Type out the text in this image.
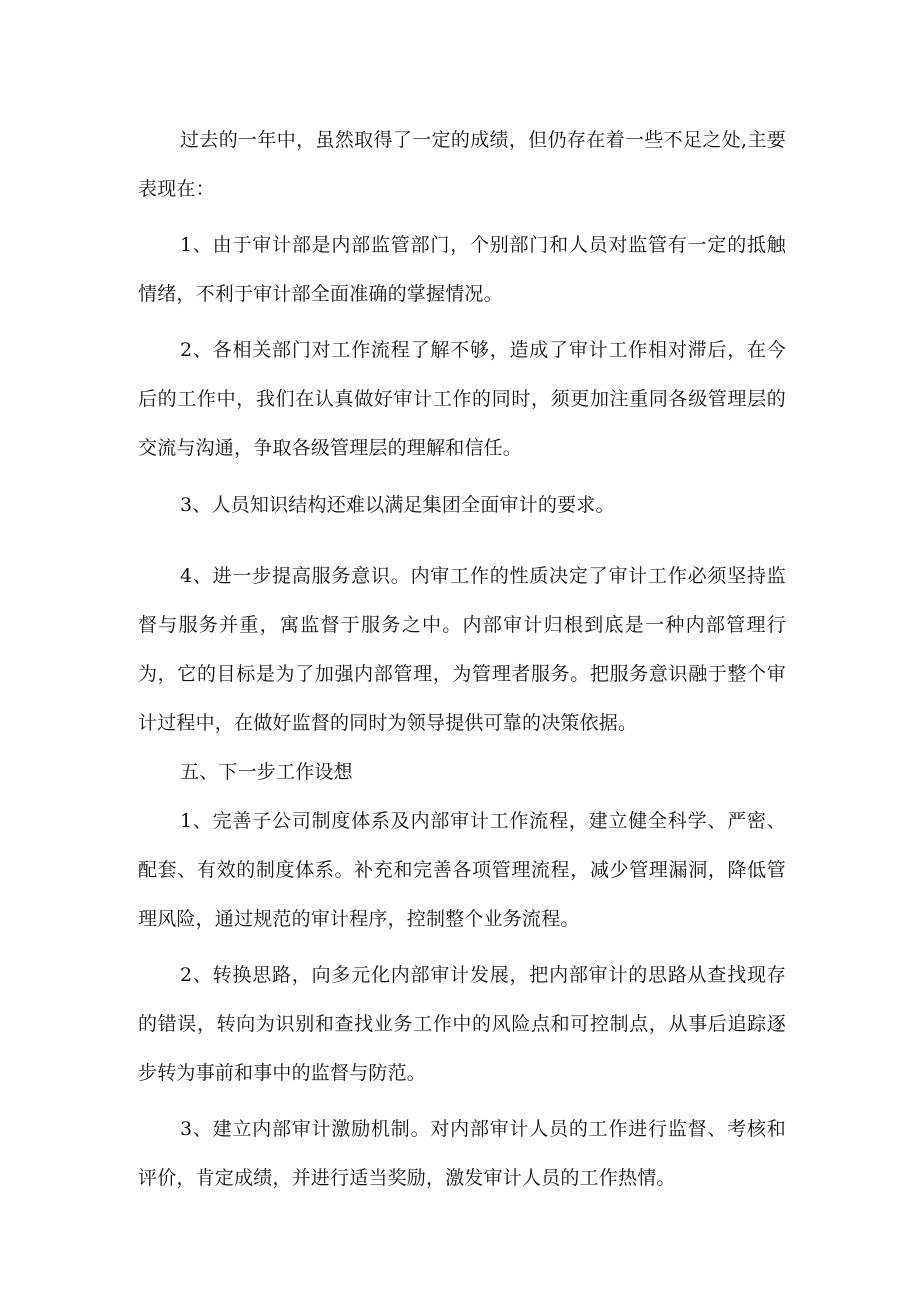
过去的一年中，虽然取得了一定的成绩，但仍存在着一些不足之处,主要表现在：

1、由于审计部是内部监管部门，个别部门和人员对监管有一定的抵触情绪，不利于审计部全面准确的掌握情况。

2、各相关部门对工作流程了解不够，造成了审计工作相对滞后，在今后的工作中，我们在认真做好审计工作的同时，须更加注重同各级管理层的交流与沟通，争取各级管理层的理解和信任。

3、人员知识结构还难以满足集团全面审计的要求。

4、进一步提高服务意识。内审工作的性质决定了审计工作必须坚持监督与服务并重，寓监督于服务之中。内部审计归根到底是一种内部管理行为，它的目标是为了加强内部管理，为管理者服务。把服务意识融于整个审计过程中，在做好监督的同时为领导提供可靠的决策依据。

五、下一步工作设想

1、完善子公司制度体系及内部审计工作流程，建立健全科学、严密、配套、有效的制度体系。补充和完善各项管理流程，减少管理漏洞，降低管理风险，通过规范的审计程序，控制整个业务流程。

2、转换思路，向多元化内部审计发展，把内部审计的思路从查找现存的错误，转向为识别和查找业务工作中的风险点和可控制点，从事后追踪逐步转为事前和事中的监督与防范。

3、建立内部审计激励机制。对内部审计人员的工作进行监督、考核和评价，肯定成绩，并进行适当奖励，激发审计人员的工作热情。
